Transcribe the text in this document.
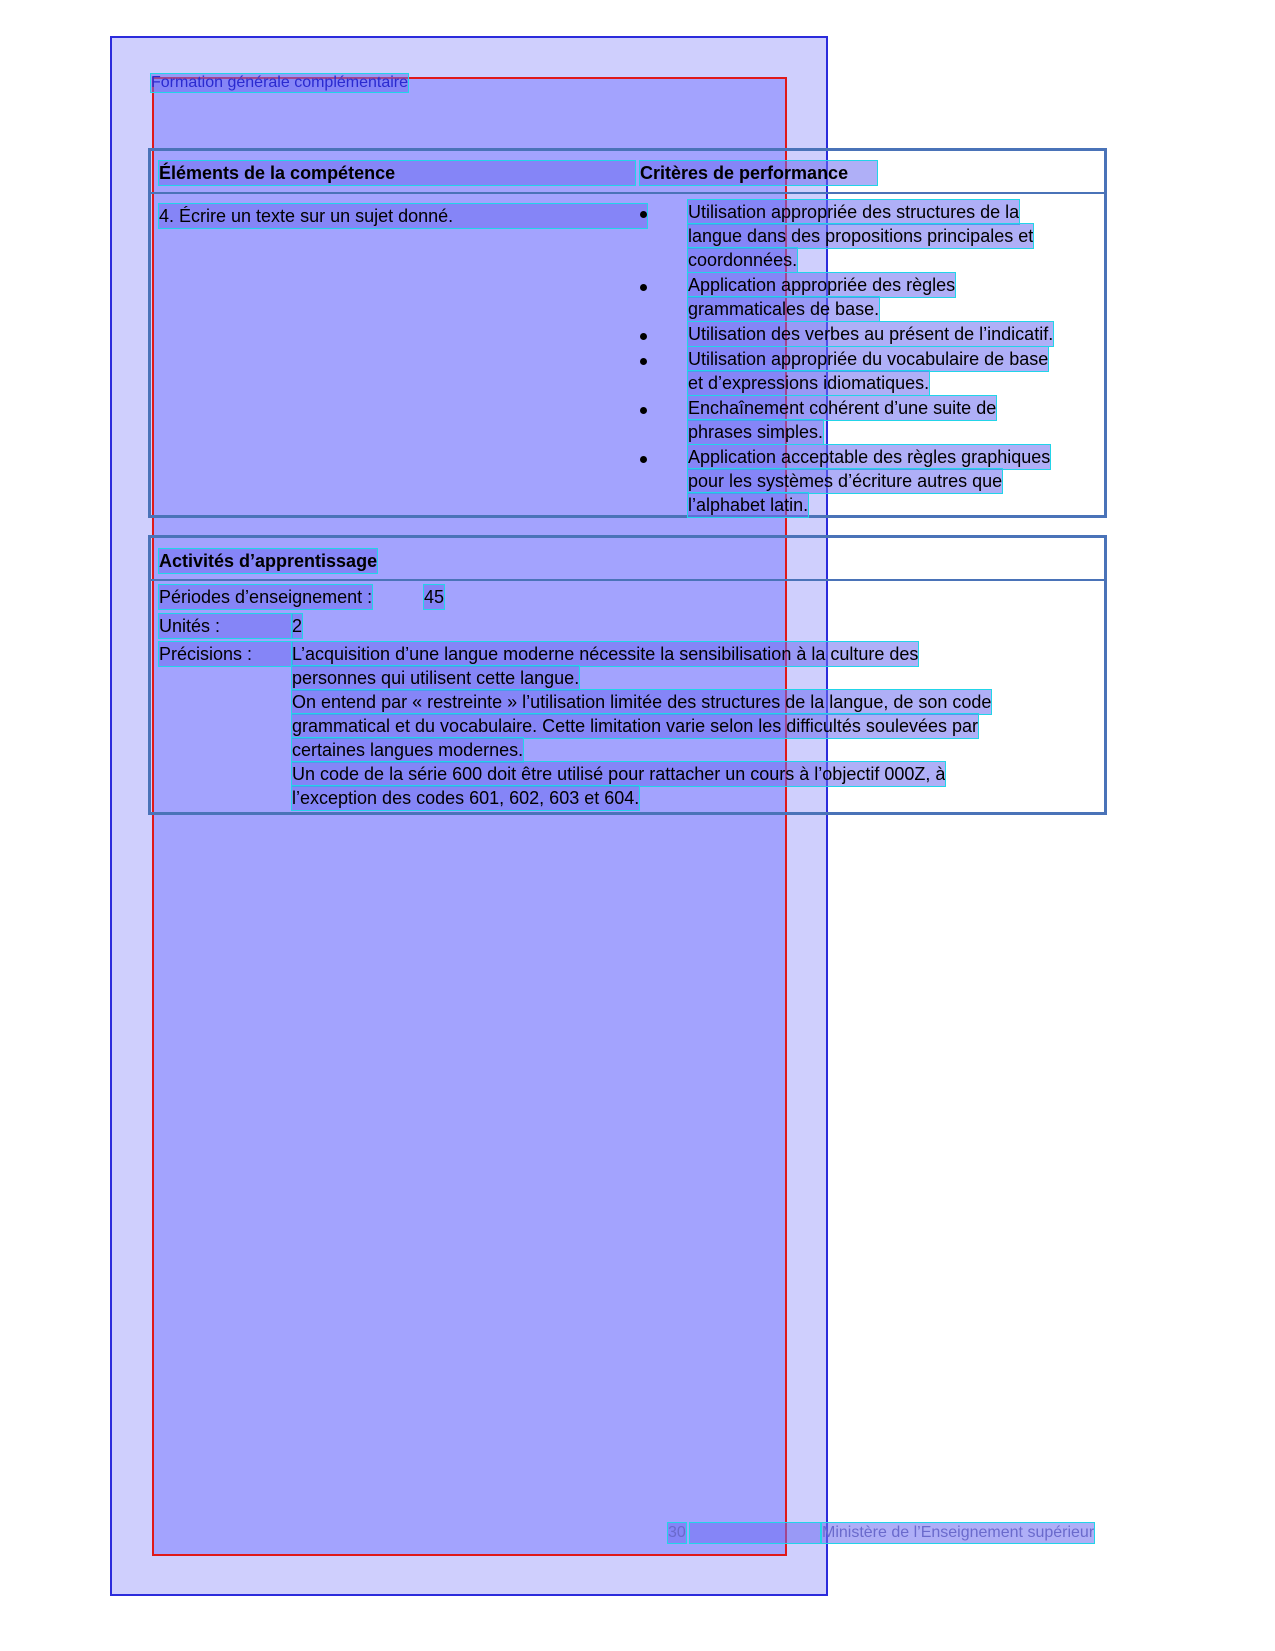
Formation générale complémentaire
Éléments de la compétence	Critères de performance
4. Écrire un texte sur un sujet donné.	Utilisation appropriée des structures de la
langue dans des propositions principales et
coordonnées.
Application appropriée des règles
grammaticales de base.
Utilisation des verbes au présent de l’indicatif.
Utilisation appropriée du vocabulaire de base
et d’expressions idiomatiques.
Enchaînement cohérent d’une suite de
phrases simples.
Application acceptable des règles graphiques
pour les systèmes d’écriture autres que
l’alphabet latin.
Activités d’apprentissage
Périodes d’enseignement :	45
Unités :	2
Précisions :	L’acquisition d’une langue moderne nécessite la sensibilisation à la culture des
personnes qui utilisent cette langue.
On entend par « restreinte » l’utilisation limitée des structures de la langue, de son code
grammatical et du vocabulaire. Cette limitation varie selon les difficultés soulevées par
certaines langues modernes.
Un code de la série 600 doit être utilisé pour rattacher un cours à l’objectif 000Z, à
l’exception des codes 601, 602, 603 et 604.
30	Ministère de l’Enseignement supérieur
